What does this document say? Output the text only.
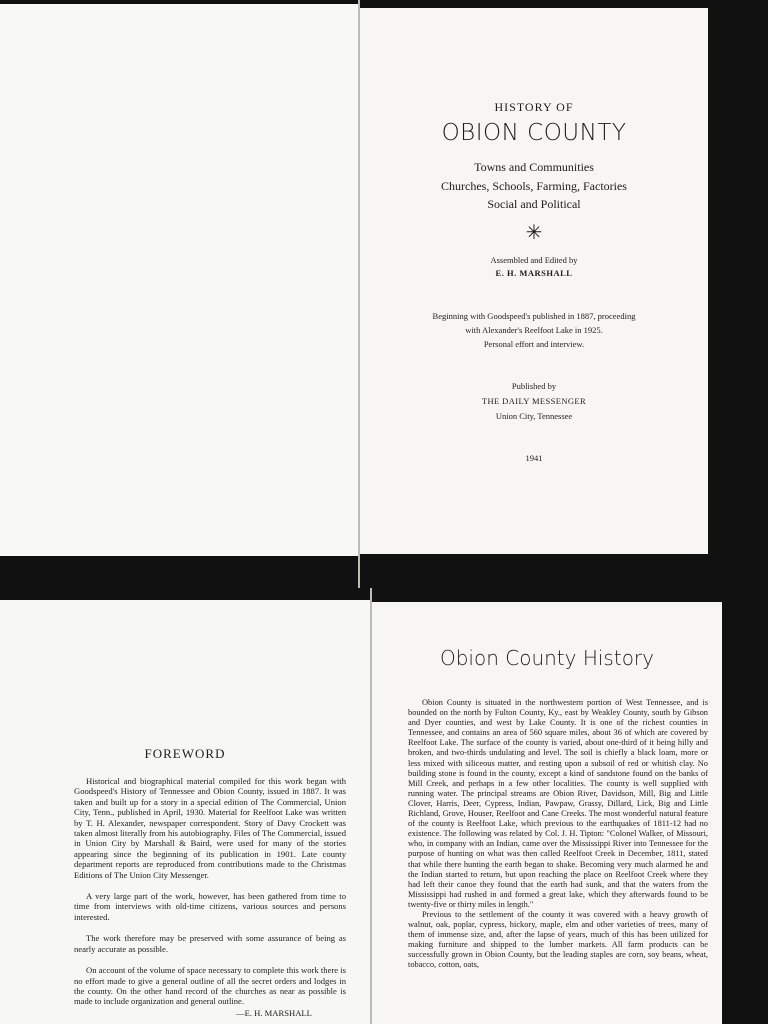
HISTORY OF
OBION COUNTY
Towns and Communities
Churches, Schools, Farming, Factories
Social and Political
✳
Assembled and Edited by
E. H. MARSHALL
Beginning with Goodspeed's published in 1887, proceeding
with Alexander's Reelfoot Lake in 1925.
Personal effort and interview.
Published by
THE DAILY MESSENGER
Union City, Tennessee
1941
FOREWORD

Historical and biographical material compiled for this work began with Goodspeed's History of Tennessee and Obion County, issued in 1887. It was taken and built up for a story in a special edition of The Commercial, Union City, Tenn., published in April, 1930. Material for Reelfoot Lake was written by T. H. Alexander, newspaper correspondent. Story of Davy Crockett was taken almost literally from his autobiography. Files of The Commercial, issued in Union City by Marshall & Baird, were used for many of the stories appearing since the beginning of its publication in 1901. Late county department reports are reproduced from contributions made to the Christmas Editions of The Union City Messenger.

A very large part of the work, however, has been gathered from time to time from interviews with old-time citizens, various sources and persons interested.

The work therefore may be preserved with some assurance of being as nearly accurate as possible.

On account of the volume of space necessary to complete this work there is no effort made to give a general outline of all the secret orders and lodges in the county. On the other hand record of the churches as near as possible is made to include organization and general outline.

—E. H. MARSHALL
Obion County History

Obion County is situated in the northwestern portion of West Tennessee, and is bounded on the north by Fulton County, Ky., east by Weakley County, south by Gibson and Dyer counties, and west by Lake County. It is one of the richest counties in Tennessee, and contains an area of 560 square miles, about 36 of which are covered by Reelfoot Lake. The surface of the county is varied, about one-third of it being hilly and broken, and two-thirds undulating and level. The soil is chiefly a black loam, more or less mixed with siliceous matter, and resting upon a subsoil of red or whitish clay. No building stone is found in the county, except a kind of sandstone found on the banks of Mill Creek, and perhaps in a few other localities. The county is well supplied with running water. The principal streams are Obion River, Davidson, Mill, Big and Little Clover, Harris, Deer, Cypress, Indian, Pawpaw, Grassy, Dillard, Lick, Big and Little Richland, Grove, Houser, Reelfoot and Cane Creeks. The most wonderful natural feature of the county is Reelfoot Lake, which previous to the earthquakes of 1811-12 had no existence. The following was related by Col. J. H. Tipton: "Colonel Walker, of Missouri, who, in company with an Indian, came over the Mississippi River into Tennessee for the purpose of hunting on what was then called Reelfoot Creek in December, 1811, stated that while there hunting the earth began to shake. Becoming very much alarmed he and the Indian started to return, but upon reaching the place on Reelfoot Creek where they had left their canoe they found that the earth had sunk, and that the waters from the Mississippi had rushed in and formed a great lake, which they afterwards found to be twenty-five or thirty miles in length."

Previous to the settlement of the county it was covered with a heavy growth of walnut, oak, poplar, cypress, hickory, maple, elm and other varieties of trees, many of them of immense size, and, after the lapse of years, much of this has been utilized for making furniture and shipped to the lumber markets. All farm products can be successfully grown in Obion County, but the leading staples are corn, soy beans, wheat, tobacco, cotton, oats,
